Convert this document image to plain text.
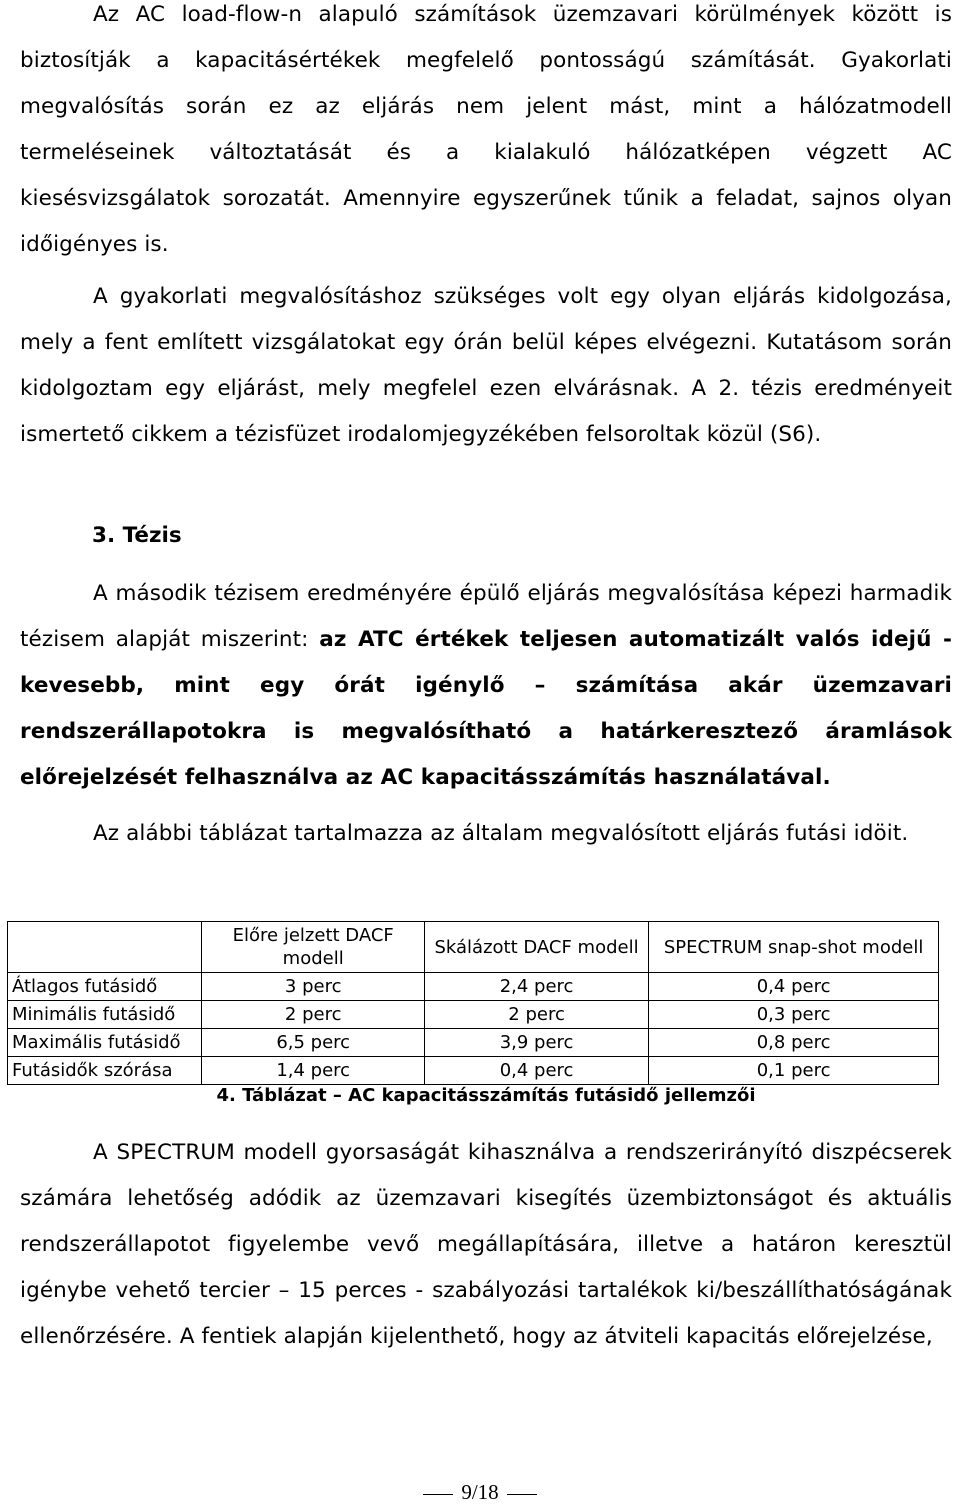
Az AC load-flow-n alapuló számítások üzemzavari körülmények között is biztosítják a kapacitásértékek megfelelő pontosságú számítását. Gyakorlati megvalósítás során ez az eljárás nem jelent mást, mint a hálózatmodell termeléseinek változtatását és a kialakuló hálózatképen végzett AC kiesésvizsgálatok sorozatát. Amennyire egyszerűnek tűnik a feladat, sajnos olyan időigényes is.

A gyakorlati megvalósításhoz szükséges volt egy olyan eljárás kidolgozása, mely a fent említett vizsgálatokat egy órán belül képes elvégezni. Kutatásom során kidolgoztam egy eljárást, mely megfelel ezen elvárásnak. A 2. tézis eredményeit ismertető cikkem a tézisfüzet irodalomjegyzékében felsoroltak közül (S6).

3. Tézis

A második tézisem eredményére épülő eljárás megvalósítása képezi harmadik tézisem alapját miszerint: az ATC értékek teljesen automatizált valós idejű - kevesebb, mint egy órát igénylő – számítása akár üzemzavari rendszerállapotokra is megvalósítható a határkeresztező áramlások előrejelzését felhasználva az AC kapacitásszámítás használatával.

Az alábbi táblázat tartalmazza az általam megvalósított eljárás futási idöit.

	Előre jelzett DACF modell	Skálázott DACF modell	SPECTRUM snap-shot modell
Átlagos futásidő	3 perc	2,4 perc	0,4 perc
Minimális futásidő	2 perc	2 perc	0,3 perc
Maximális futásidő	6,5 perc	3,9 perc	0,8 perc
Futásidők szórása	1,4 perc	0,4 perc	0,1 perc
4. Táblázat – AC kapacitásszámítás futásidő jellemzői

A SPECTRUM modell gyorsaságát kihasználva a rendszerirányító diszpécserek számára lehetőség adódik az üzemzavari kisegítés üzembiztonságot és aktuális rendszerállapotot figyelembe vevő megállapítására, illetve a határon keresztül igénybe vehető tercier – 15 perces - szabályozási tartalékok ki/beszállíthatóságának ellenőrzésére. A fentiek alapján kijelenthető, hogy az átviteli kapacitás előrejelzése,

9/18
